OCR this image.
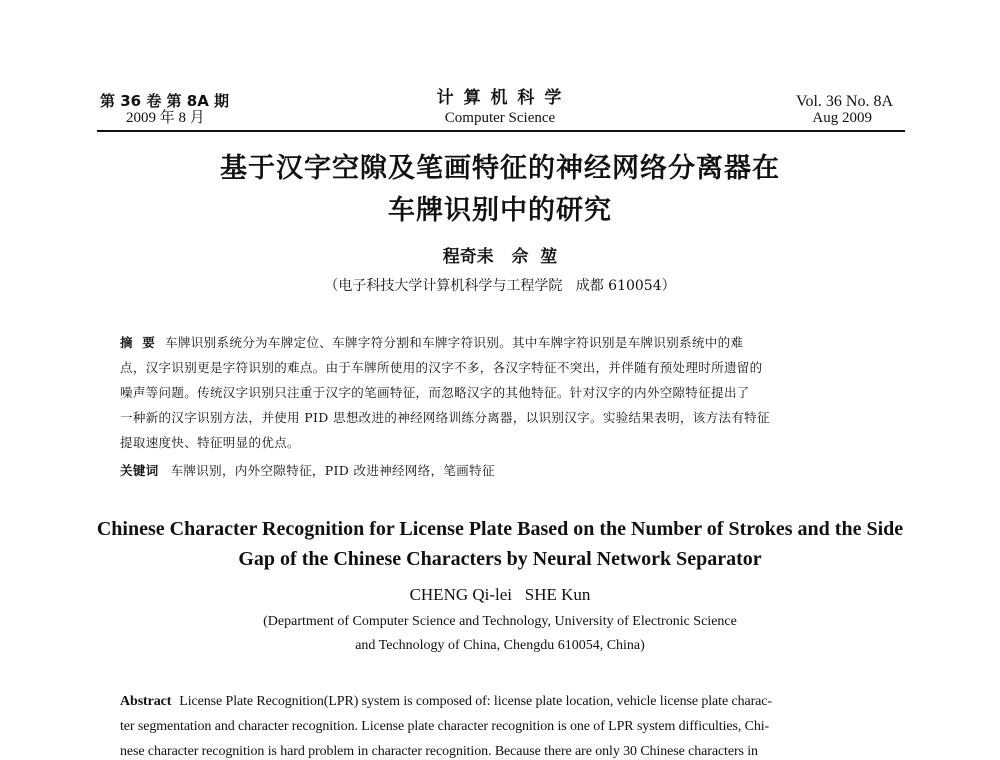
第 36 卷 第 8A 期
2009 年 8 月
计 算 机 科 学
Computer Science
Vol. 36 No. 8A
Aug 2009
基于汉字空隙及笔画特征的神经网络分离器在
车牌识别中的研究
程奇耒   佘  堃
（电子科技大学计算机科学与工程学院   成都 610054）
摘  要 车牌识别系统分为车牌定位、车牌字符分割和车牌字符识别。其中车牌字符识别是车牌识别系统中的难
点，汉字识别更是字符识别的难点。由于车牌所使用的汉字不多，各汉字特征不突出，并伴随有预处理时所遗留的
噪声等问题。传统汉字识别只注重于汉字的笔画特征，而忽略汉字的其他特征。针对汉字的内外空隙特征提出了
一种新的汉字识别方法，并使用 PID 思想改进的神经网络训练分离器，以识别汉字。实验结果表明，该方法有特征
提取速度快、特征明显的优点。
关键词 车牌识别，内外空隙特征，PID 改进神经网络，笔画特征
Chinese Character Recognition for License Plate Based on the Number of Strokes and the Side
Gap of the Chinese Characters by Neural Network Separator
CHENG Qi-lei   SHE Kun
(Department of Computer Science and Technology, University of Electronic Science
and Technology of China, Chengdu 610054, China)
Abstract License Plate Recognition(LPR) system is composed of: license plate location, vehicle license plate charac-
ter segmentation and character recognition. License plate character recognition is one of LPR system difficulties, Chi-
nese character recognition is hard problem in character recognition. Because there are only 30 Chinese characters in
